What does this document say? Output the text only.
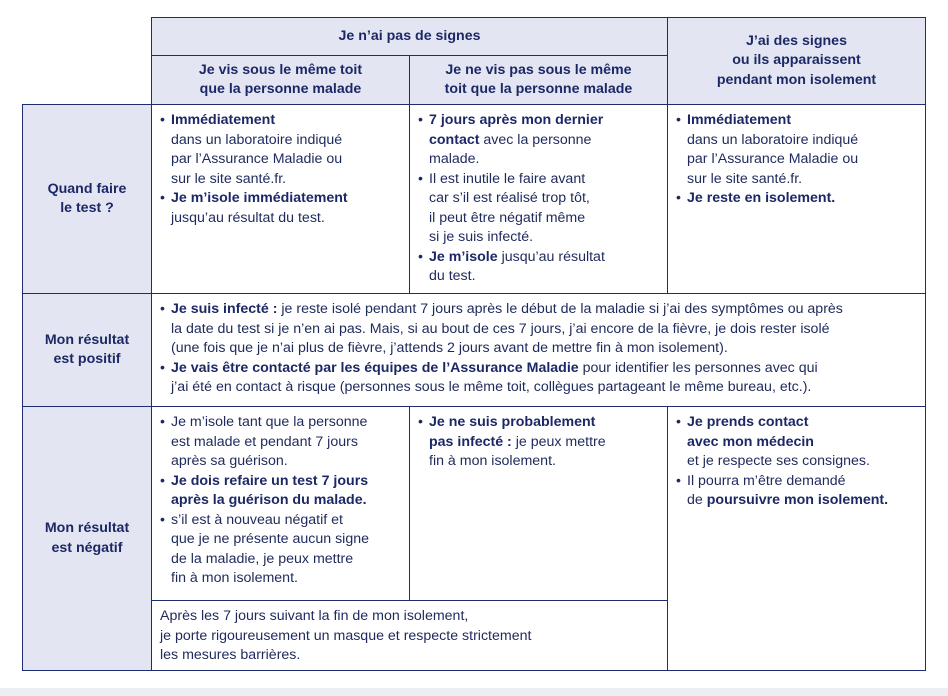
Je n’ai pas de signes	J’ai des signes
ou ils apparaissent
pendant mon isolement
Je vis sous le même toit
que la personne malade
Je ne vis pas sous le même
toit que la personne malade
Quand faire
le test ?
Mon résultat
est positif
Mon résultat
est négatif
• Immédiatement
dans un laboratoire indiqué
par l’Assurance Maladie ou
sur le site santé.fr.
• Je m’isole immédiatement
jusqu’au résultat du test.
• 7 jours après mon dernier
contact avec la personne
malade.
• Il est inutile le faire avant
car s’il est réalisé trop tôt,
il peut être négatif même
si je suis infecté.
• Je m’isole jusqu’au résultat
du test.
• Immédiatement
dans un laboratoire indiqué
par l’Assurance Maladie ou
sur le site santé.fr.
• Je reste en isolement.
• Je suis infecté : je reste isolé pendant 7 jours après le début de la maladie si j’ai des symptômes ou après
la date du test si je n’en ai pas. Mais, si au bout de ces 7 jours, j’ai encore de la fièvre, je dois rester isolé
(une fois que je n’ai plus de fièvre, j’attends 2 jours avant de mettre fin à mon isolement).
• Je vais être contacté par les équipes de l’Assurance Maladie pour identifier les personnes avec qui
j’ai été en contact à risque (personnes sous le même toit, collègues partageant le même bureau, etc.).
• Je m’isole tant que la personne
est malade et pendant 7 jours
après sa guérison.
• Je dois refaire un test 7 jours
après la guérison du malade.
• s’il est à nouveau négatif et
que je ne présente aucun signe
de la maladie, je peux mettre
fin à mon isolement.
• Je ne suis probablement
pas infecté : je peux mettre
fin à mon isolement.
• Je prends contact
avec mon médecin
et je respecte ses consignes.
• Il pourra m’être demandé
de poursuivre mon isolement.
Après les 7 jours suivant la fin de mon isolement,
je porte rigoureusement un masque et respecte strictement
les mesures barrières.
